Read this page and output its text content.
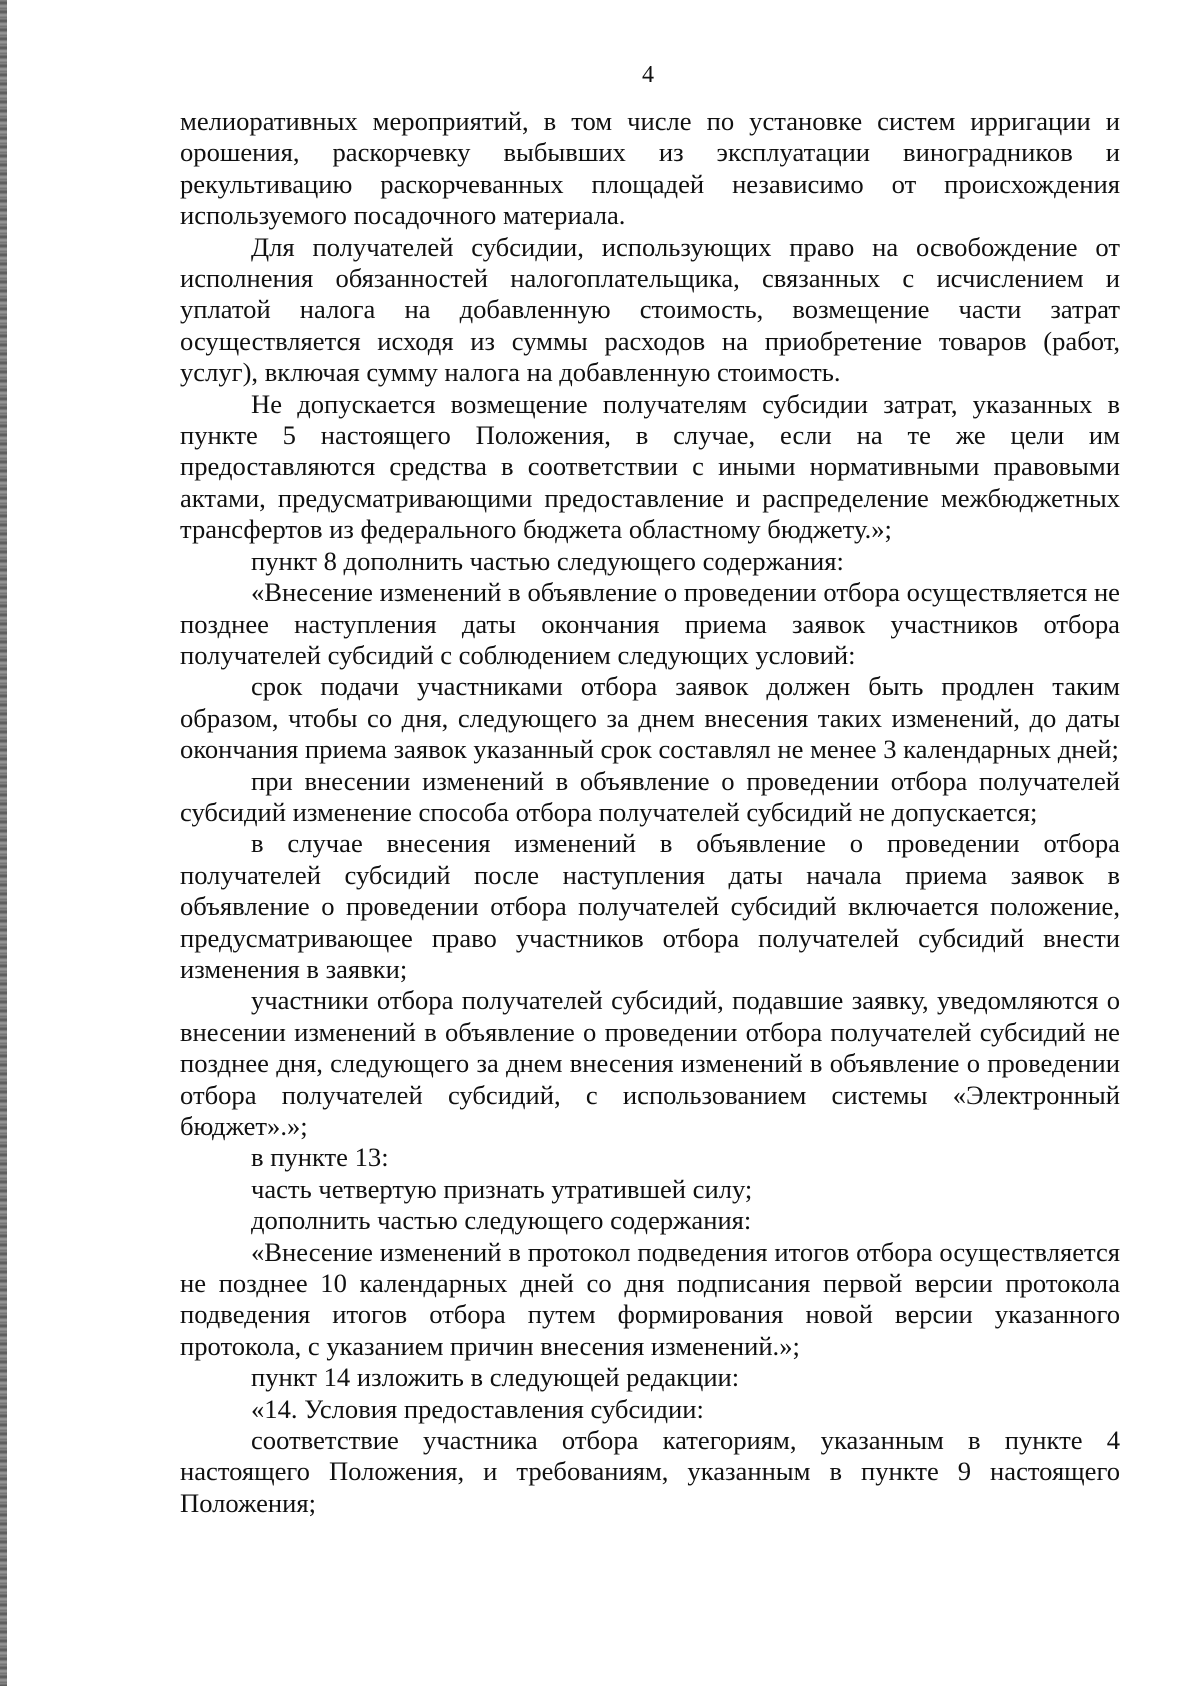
4

мелиоративных мероприятий, в том числе по установке систем ирригации и орошения, раскорчевку выбывших из эксплуатации виноградников и рекультивацию раскорчеванных площадей независимо от происхождения используемого посадочного материала.

Для получателей субсидии, использующих право на освобождение от исполнения обязанностей налогоплательщика, связанных с исчислением и уплатой налога на добавленную стоимость, возмещение части затрат осуществляется исходя из суммы расходов на приобретение товаров (работ, услуг), включая сумму налога на добавленную стоимость.

Не допускается возмещение получателям субсидии затрат, указанных в пункте 5 настоящего Положения, в случае, если на те же цели им предоставляются средства в соответствии с иными нормативными правовыми актами, предусматривающими предоставление и распределение межбюджетных трансфертов из федерального бюджета областному бюджету.»;

пункт 8 дополнить частью следующего содержания:

«Внесение изменений в объявление о проведении отбора осуществляется не позднее наступления даты окончания приема заявок участников отбора получателей субсидий с соблюдением следующих условий:

срок подачи участниками отбора заявок должен быть продлен таким образом, чтобы со дня, следующего за днем внесения таких изменений, до даты окончания приема заявок указанный срок составлял не менее 3 календарных дней;

при внесении изменений в объявление о проведении отбора получателей субсидий изменение способа отбора получателей субсидий не допускается;

в случае внесения изменений в объявление о проведении отбора получателей субсидий после наступления даты начала приема заявок в объявление о проведении отбора получателей субсидий включается положение, предусматривающее право участников отбора получателей субсидий внести изменения в заявки;

участники отбора получателей субсидий, подавшие заявку, уведомляются о внесении изменений в объявление о проведении отбора получателей субсидий не позднее дня, следующего за днем внесения изменений в объявление о проведении отбора получателей субсидий, с использованием системы «Электронный бюджет».»;

в пункте 13:

часть четвертую признать утратившей силу;

дополнить частью следующего содержания:

«Внесение изменений в протокол подведения итогов отбора осуществляется не позднее 10 календарных дней со дня подписания первой версии протокола подведения итогов отбора путем формирования новой версии указанного протокола, с указанием причин внесения изменений.»;

пункт 14 изложить в следующей редакции:

«14. Условия предоставления субсидии:

соответствие участника отбора категориям, указанным в пункте 4 настоящего Положения, и требованиям, указанным в пункте 9 настоящего Положения;
